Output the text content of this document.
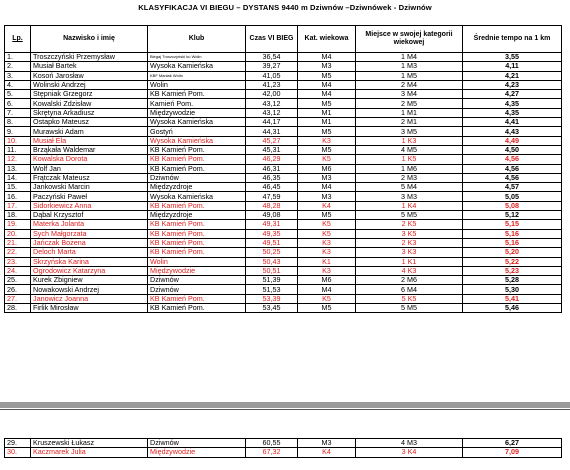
KLASYFIKACJA VI BIEGU – DYSTANS 9440 m Dziwnów –Dziwnówek - Dziwnów
Lp.	Nazwisko i imię	Klub	Czas VI BIEG	Kat. wiekowa	Miejsce w swojej kategorii wiekowej	Średnie tempo na 1 km
1.	Troszczyński Przemysław	Biegaj Troszczyński ku Wolin	36,54	M4	1 M4	3,55
2.	Musiał Bartek	Wysoka Kamieńska	39,27	M3	1 M3	4,11
3.	Kosoń Jarosław	KBF Maniak Wolin	41,05	M5	1 M5	4,21
4.	Wolinski Andrzej	Wolin	41,23	M4	2 M4	4,23
5.	Stępniak Grzegorz	KB Kamień Pom.	42,00	M4	3 M4	4,27
6.	Kowalski Zdzisław	Kamień Pom.	43,12	M5	2 M5	4,35
7.	Skrętyna Arkadiusz	Międzywodzie	43,12	M1	1 M1	4,35
8.	Ostapko Mateusz	Wysoka Kamieńska	44,17	M1	2 M1	4,41
9.	Murawski Adam	Gostyń	44,31	M5	3 M5	4,43
10.	Musiał Ela	Wysoka Kamieńska	45,27	K3	1 K3	4,49
11.	Brząkała Waldemar	KB Kamień Pom.	45,31	M5	4 M5	4,50
12.	Kowalska Dorota	KB Kamień Pom.	46,29	K5	1 K5	4,56
13.	Wolf Jan	KB Kamień Pom.	46,31	M6	1 M6	4,56
14.	Frątczak Mateusz	Dziwnów	46,35	M3	2 M3	4,56
15.	Jankowski Marcin	Międzyzdroje	46,45	M4	5 M4	4,57
16.	Paczyński Paweł	Wysoka Kamieńska	47,59	M3	3 M3	5,05
17.	Sidorkiewicz Anna	KB Kamień Pom.	48,28	K4	1 K4	5,08
18.	Dąbal Krzysztof	Międzyzdroje	49,08	M5	5 M5	5,12
19.	Materka Jolanta	KB Kamień Pom.	49,31	K5	2 K5	5,15
20.	Sych Małgorzata	KB Kamień Pom.	49,35	K5	3 K5	5,16
21.	Jańczak Bożena	KB Kamień Pom.	49,51	K3	2 K3	5,16
22.	Deloch Marta	KB Kamień Pom.	50,25	K3	3 K3	5,20
23.	Skrzyńska Karina	Wolin	50,43	K1	1 K1	5,22
24.	Ogrodowicz Katarzyna	Międzywodzie	50,51	K3	4 K3	5,23
25.	Kurek Zbigniew	Dziwnów	51,39	M6	2 M6	5,28
26.	Nowakowski Andrzej	Dziwnów	51,53	M4	6 M4	5,30
27.	Janowicz Joanna	KB Kamień Pom.	53,39	K5	5 K5	5,41
28.	Firlik Mirosław	KB Kamień Pom.	53,45	M5	5 M5	5,46
29.	Kruszewski Łukasz	Dziwnów	60,55	M3	4 M3	6,27
30.	Kaczmarek Julia	Międzywodzie	67,32	K4	3 K4	7,09
